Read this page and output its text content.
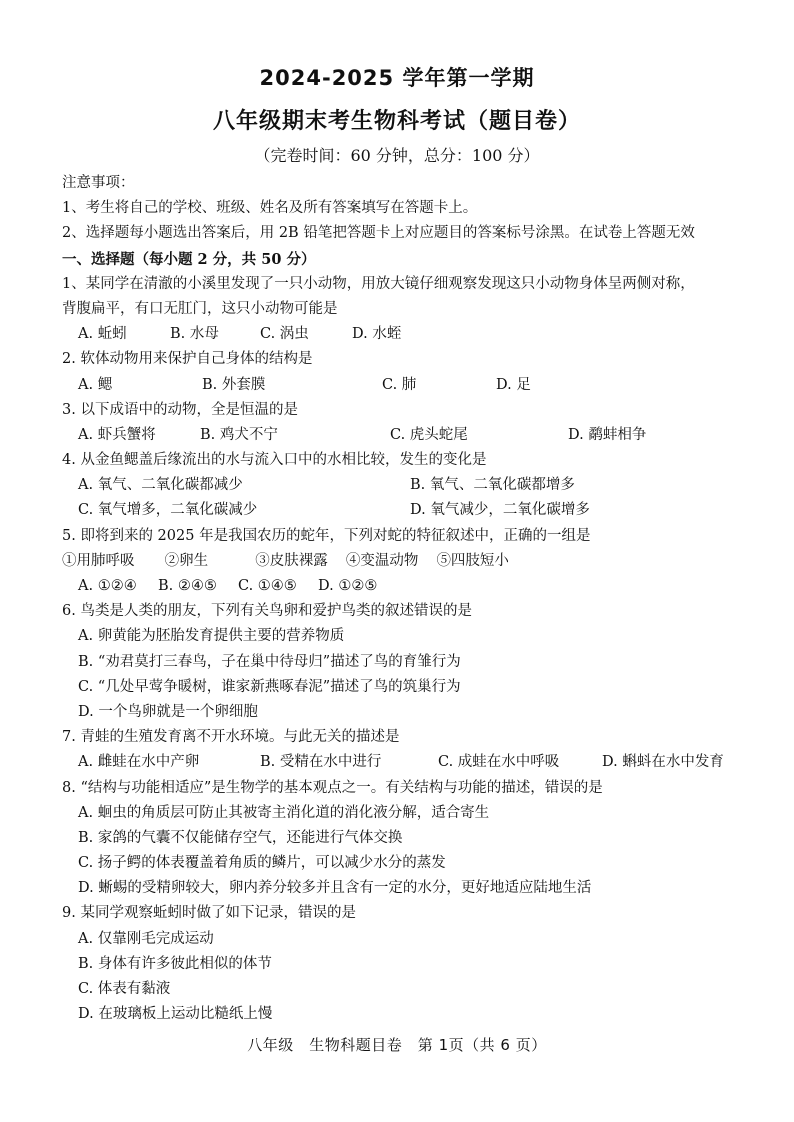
2024-2025 学年第一学期
八年级期末考生物科考试（题目卷）
（完卷时间：60 分钟，总分：100 分）
注意事项：
1、考生将自己的学校、班级、姓名及所有答案填写在答题卡上。
2、选择题每小题选出答案后，用 2B 铅笔把答题卡上对应题目的答案标号涂黑。在试卷上答题无效
一、选择题（每小题 2 分，共 50 分）
1、某同学在清澈的小溪里发现了一只小动物，用放大镜仔细观察发现这只小动物身体呈两侧对称，
背腹扁平，有口无肛门，这只小动物可能是
A. 蚯蚓	B. 水母	C. 涡虫	D. 水蛭
2. 软体动物用来保护自己身体的结构是
A. 鳃	B. 外套膜	C. 肺	D. 足
3. 以下成语中的动物，全是恒温的是
A. 虾兵蟹将	B. 鸡犬不宁	C. 虎头蛇尾	D. 鹬蚌相争
4. 从金鱼鳃盖后缘流出的水与流入口中的水相比较，发生的变化是
A. 氧气、二氧化碳都减少	B. 氧气、二氧化碳都增多
C. 氧气增多，二氧化碳减少	D. 氧气减少，二氧化碳增多
5. 即将到来的 2025 年是我国农历的蛇年，下列对蛇的特征叙述中，正确的一组是
①用肺呼吸 ②卵生	③皮肤裸露 ④变温动物 ⑤四肢短小
A. ①②④	B. ②④⑤	C. ①④⑤	D. ①②⑤
6. 鸟类是人类的朋友，下列有关鸟卵和爱护鸟类的叙述错误的是
A. 卵黄能为胚胎发育提供主要的营养物质
B. “劝君莫打三春鸟，子在巢中待母归”描述了鸟的育雏行为
C. “几处早莺争暖树，谁家新燕啄春泥”描述了鸟的筑巢行为
D. 一个鸟卵就是一个卵细胞
7. 青蛙的生殖发育离不开水环境。与此无关的描述是
A. 雌蛙在水中产卵	B. 受精在水中进行	C. 成蛙在水中呼吸	D. 蝌蚪在水中发育
8. “结构与功能相适应”是生物学的基本观点之一。有关结构与功能的描述，错误的是
A. 蛔虫的角质层可防止其被寄主消化道的消化液分解，适合寄生
B. 家鸽的气囊不仅能储存空气，还能进行气体交换
C. 扬子鳄的体表覆盖着角质的鳞片，可以减少水分的蒸发
D. 蜥蜴的受精卵较大，卵内养分较多并且含有一定的水分，更好地适应陆地生活
9. 某同学观察蚯蚓时做了如下记录，错误的是
A. 仅靠刚毛完成运动
B. 身体有许多彼此相似的体节
C. 体表有黏液
D. 在玻璃板上运动比糙纸上慢
八年级　生物科题目卷　第 1页（共 6 页）
